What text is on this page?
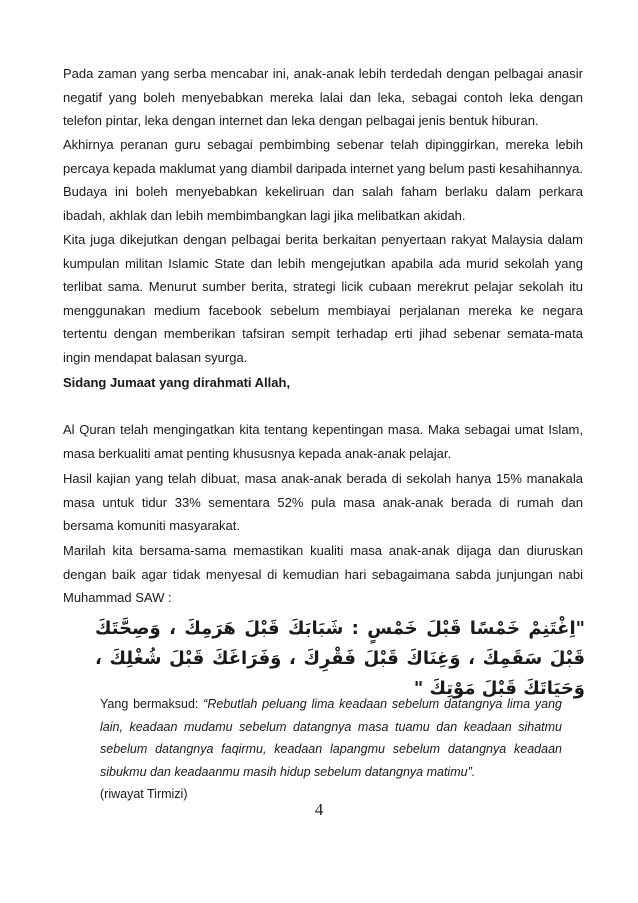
Pada zaman yang serba mencabar ini, anak-anak lebih terdedah dengan pelbagai anasir negatif yang boleh menyebabkan mereka lalai dan leka, sebagai contoh leka dengan telefon pintar, leka dengan internet dan leka dengan pelbagai jenis bentuk hiburan.

Akhirnya peranan guru sebagai pembimbing sebenar telah dipinggirkan, mereka lebih percaya kepada maklumat yang diambil daripada internet yang belum pasti kesahihannya. Budaya ini boleh menyebabkan kekeliruan dan salah faham berlaku dalam perkara ibadah, akhlak dan lebih membimbangkan lagi jika melibatkan akidah.

Kita juga dikejutkan dengan pelbagai berita berkaitan penyertaan rakyat Malaysia dalam kumpulan militan Islamic State dan lebih mengejutkan apabila ada murid sekolah yang terlibat sama. Menurut sumber berita, strategi licik cubaan merekrut pelajar sekolah itu menggunakan medium facebook sebelum membiayai perjalanan mereka ke negara tertentu dengan memberikan tafsiran sempit terhadap erti jihad sebenar semata-mata ingin mendapat balasan syurga.

Sidang Jumaat yang dirahmati Allah,

Al Quran telah mengingatkan kita tentang kepentingan masa. Maka sebagai umat Islam, masa berkualiti amat penting khususnya kepada anak-anak pelajar.

Hasil kajian yang telah dibuat, masa anak-anak berada di sekolah hanya 15% manakala masa untuk tidur 33% sementara 52% pula masa anak-anak berada di rumah dan bersama komuniti masyarakat.

Marilah kita bersama-sama memastikan kualiti masa anak-anak dijaga dan diuruskan dengan baik agar tidak menyesal di kemudian hari sebagaimana sabda junjungan nabi Muhammad SAW :

"اِغْتَنِمْ خَمْسًا قَبْلَ خَمْسٍ : شَبَابَكَ قَبْلَ هَرَمِكَ ، وَصِحَّتَكَ قَبْلَ سَقَمِكَ ، وَغِنَاكَ قَبْلَ فَقْرِكَ ، وَفَرَاغَكَ قَبْلَ شُغْلِكَ ، وَحَيَاتَكَ قَبْلَ مَوْتِكَ "

Yang bermaksud: “Rebutlah peluang lima keadaan sebelum datangnya lima yang lain, keadaan mudamu sebelum datangnya masa tuamu dan keadaan sihatmu sebelum datangnya faqirmu, keadaan lapangmu sebelum datangnya keadaan sibukmu dan keadaanmu masih hidup sebelum datangnya matimu”.
(riwayat Tirmizi)

4
